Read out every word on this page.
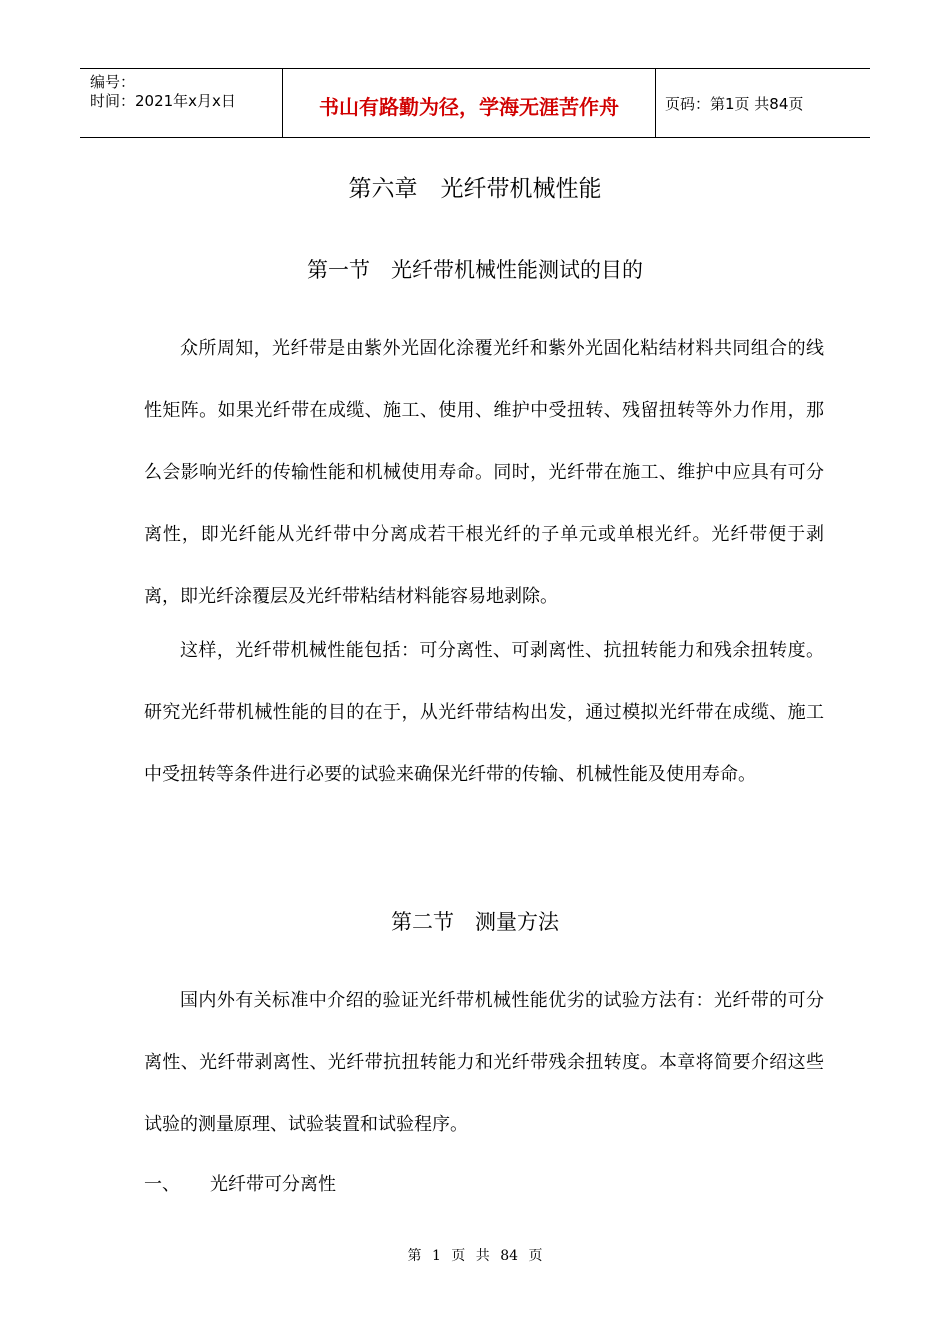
编号：
时间：2021年x月x日	书山有路勤为径，学海无涯苦作舟	页码：第1页 共84页
第六章　光纤带机械性能
第一节　光纤带机械性能测试的目的

众所周知，光纤带是由紫外光固化涂覆光纤和紫外光固化粘结材料共同组合的线性矩阵。如果光纤带在成缆、施工、使用、维护中受扭转、残留扭转等外力作用，那么会影响光纤的传输性能和机械使用寿命。同时，光纤带在施工、维护中应具有可分离性，即光纤能从光纤带中分离成若干根光纤的子单元或单根光纤。光纤带便于剥离，即光纤涂覆层及光纤带粘结材料能容易地剥除。

这样，光纤带机械性能包括：可分离性、可剥离性、抗扭转能力和残余扭转度。研究光纤带机械性能的目的在于，从光纤带结构出发，通过模拟光纤带在成缆、施工中受扭转等条件进行必要的试验来确保光纤带的传输、机械性能及使用寿命。

第二节　测量方法

国内外有关标准中介绍的验证光纤带机械性能优劣的试验方法有：光纤带的可分离性、光纤带剥离性、光纤带抗扭转能力和光纤带残余扭转度。本章将简要介绍这些试验的测量原理、试验装置和试验程序。

一、 光纤带可分离性
第 1 页 共 84 页
